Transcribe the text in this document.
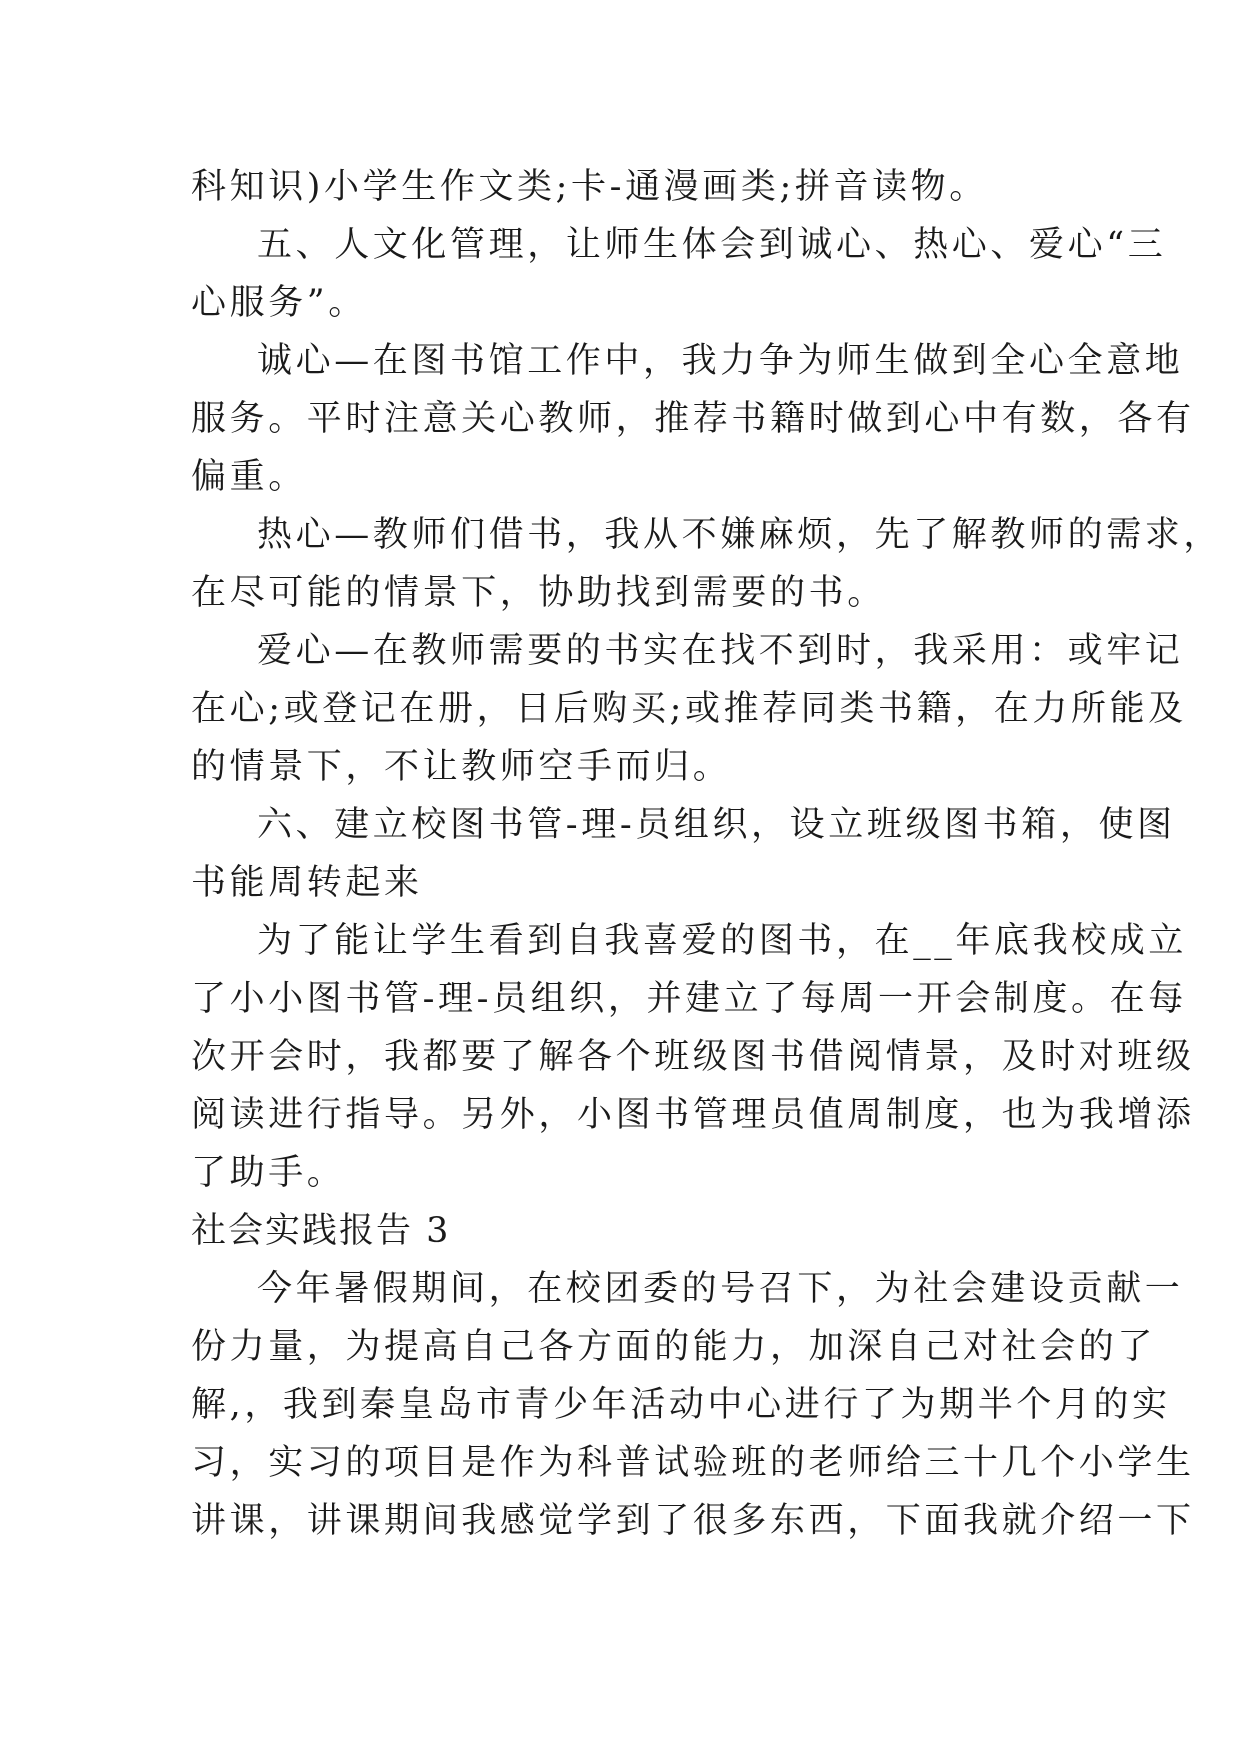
科知识)小学生作文类;卡-通漫画类;拼音读物。
五、人文化管理，让师生体会到诚心、热心、爱心“三
心服务”。
诚心—在图书馆工作中，我力争为师生做到全心全意地
服务。平时注意关心教师，推荐书籍时做到心中有数，各有
偏重。
热心—教师们借书，我从不嫌麻烦，先了解教师的需求，
在尽可能的情景下，协助找到需要的书。
爱心—在教师需要的书实在找不到时，我采用：或牢记
在心;或登记在册，日后购买;或推荐同类书籍，在力所能及
的情景下，不让教师空手而归。
六、建立校图书管-理-员组织，设立班级图书箱，使图
书能周转起来
为了能让学生看到自我喜爱的图书，在__年底我校成立
了小小图书管-理-员组织，并建立了每周一开会制度。在每
次开会时，我都要了解各个班级图书借阅情景，及时对班级
阅读进行指导。另外，小图书管理员值周制度，也为我增添
了助手。
社会实践报告 3
今年暑假期间，在校团委的号召下，为社会建设贡献一
份力量，为提高自己各方面的能力，加深自己对社会的了
解,，我到秦皇岛市青少年活动中心进行了为期半个月的实
习，实习的项目是作为科普试验班的老师给三十几个小学生
讲课，讲课期间我感觉学到了很多东西，下面我就介绍一下
